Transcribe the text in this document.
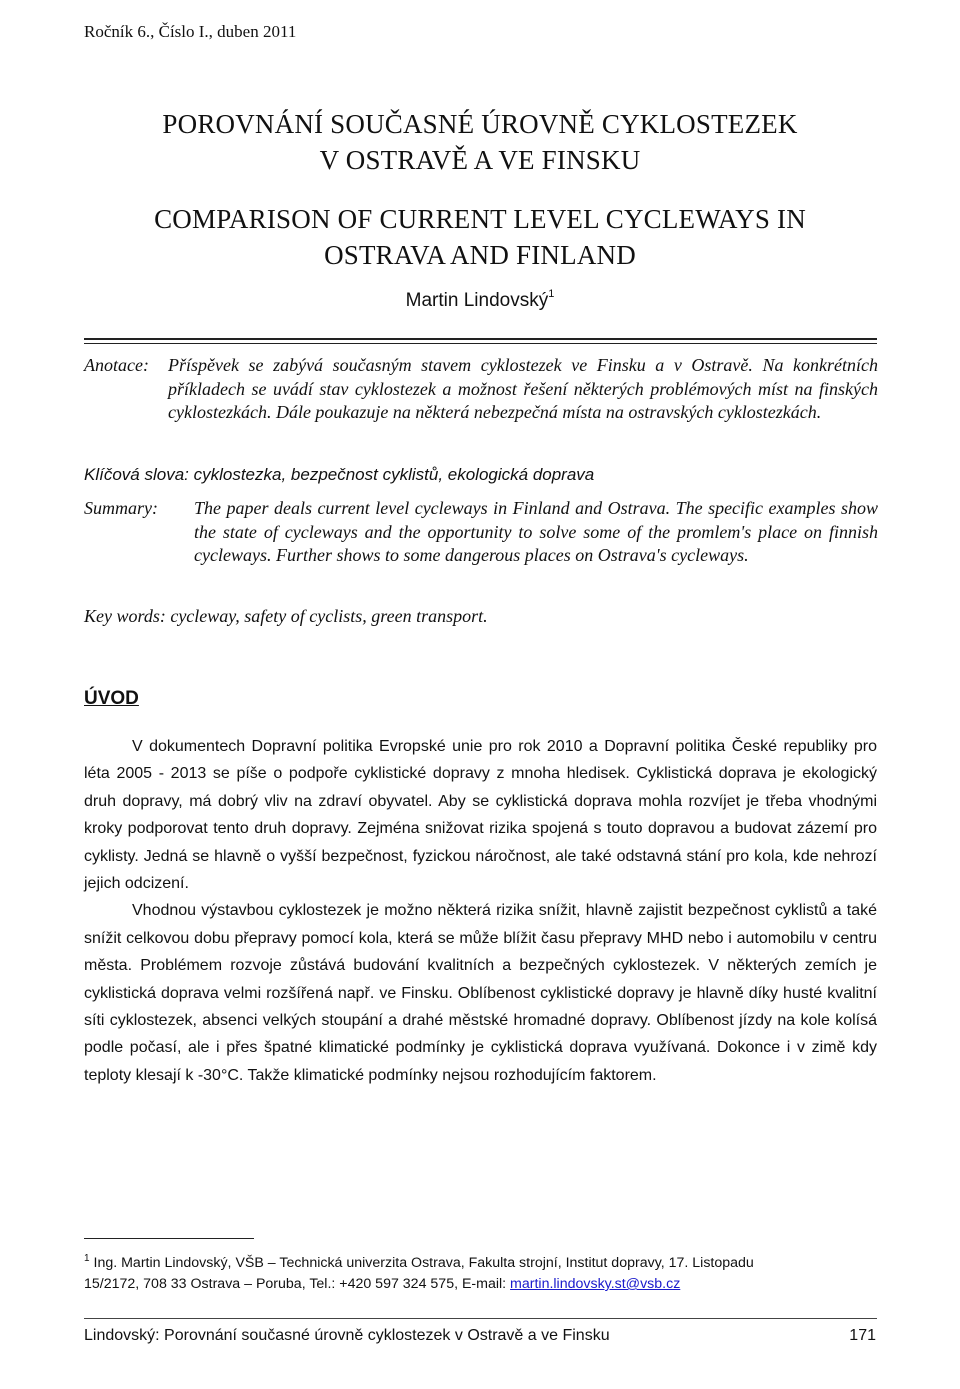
Ročník 6., Číslo I., duben 2011
POROVNÁNÍ SOUČASNÉ ÚROVNĚ CYKLOSTEZEK
V OSTRAVĚ A VE FINSKU
COMPARISON OF CURRENT LEVEL CYCLEWAYS IN
OSTRAVA AND FINLAND
Martin Lindovský$^1$
Anotace: Příspěvek se zabývá současným stavem cyklostezek ve Finsku a v Ostravě. Na konkrétních příkladech se uvádí stav cyklostezek a možnost řešení některých problémových míst na finských cyklostezkách. Dále poukazuje na některá nebezpečná místa na ostravských cyklostezkách.
Klíčová slova: cyklostezka, bezpečnost cyklistů, ekologická doprava
Summary: The paper deals current level cycleways in Finland and Ostrava. The specific examples show the state of cycleways and the opportunity to solve some of the promlem's place on finnish cycleways. Further shows to some dangerous places on Ostrava's cycleways.
Key words: cycleway, safety of cyclists, green transport.
ÚVOD

V dokumentech Dopravní politika Evropské unie pro rok 2010 a Dopravní politika České republiky pro léta 2005 - 2013 se píše o podpoře cyklistické dopravy z mnoha hledisek. Cyklistická doprava je ekologický druh dopravy, má dobrý vliv na zdraví obyvatel. Aby se cyklistická doprava mohla rozvíjet je třeba vhodnými kroky podporovat tento druh dopravy. Zejména snižovat rizika spojená s touto dopravou a budovat zázemí pro cyklisty. Jedná se hlavně o vyšší bezpečnost, fyzickou náročnost, ale také odstavná stání pro kola, kde nehrozí jejich odcizení.

Vhodnou výstavbou cyklostezek je možno některá rizika snížit, hlavně zajistit bezpečnost cyklistů a také snížit celkovou dobu přepravy pomocí kola, která se může blížit času přepravy MHD nebo i automobilu v centru města. Problémem rozvoje zůstává budování kvalitních a bezpečných cyklostezek. V některých zemích je cyklistická doprava velmi rozšířená např. ve Finsku. Oblíbenost cyklistické dopravy je hlavně díky husté kvalitní síti cyklostezek, absenci velkých stoupání a drahé městské hromadné dopravy. Oblíbenost jízdy na kole kolísá podle počasí, ale i přes špatné klimatické podmínky je cyklistická doprava využívaná. Dokonce i v zimě kdy teploty klesají k -30°C. Takže klimatické podmínky nejsou rozhodujícím faktorem.

$^1$ Ing. Martin Lindovský, VŠB – Technická univerzita Ostrava, Fakulta strojní, Institut dopravy, 17. Listopadu
15/2172, 708 33 Ostrava – Poruba, Tel.: +420 597 324 575, E-mail: martin.lindovsky.st@vsb.cz
Lindovský: Porovnání současné úrovně cyklostezek v Ostravě a ve Finsku	171
